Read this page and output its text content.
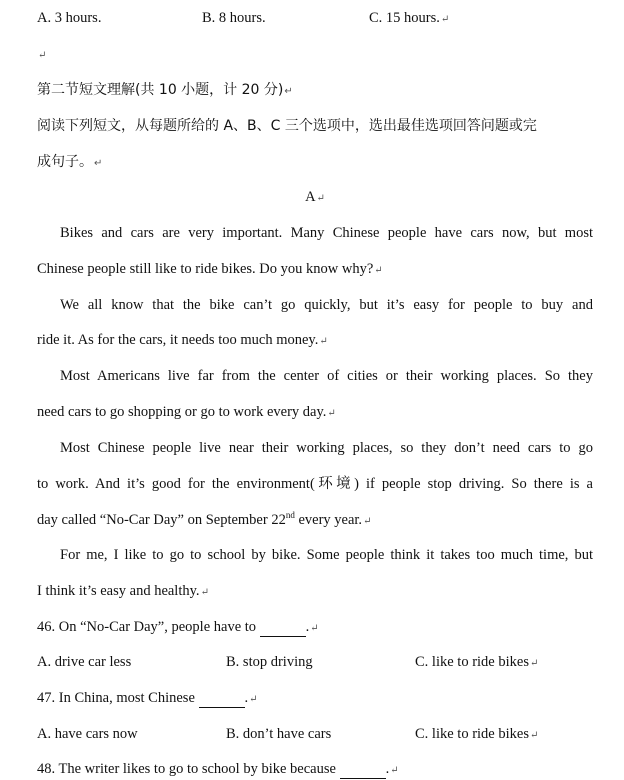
A. 3 hours.	B. 8 hours.	C. 15 hours.↵
↵
第二节短文理解(共 10 小题，计 20 分)↵
阅读下列短文，从每题所给的 A、B、C 三个选项中，选出最佳选项回答问题或完
成句子。↵
A↵
Bikes and cars are very important. Many Chinese people have cars now, but most
Chinese people still like to ride bikes. Do you know why?↵
We all know that the bike can’t go quickly, but it’s easy for people to buy and
ride it. As for the cars, it needs too much money.↵
Most Americans live far from the center of cities or their working places. So they
need cars to go shopping or go to work every day.↵
Most Chinese people live near their working places, so they don’t need cars to go
to work. And it’s good for the environment(环境) if people stop driving. So there is a
day called “No-Car Day” on September 22nd every year.↵
For me, I like to go to school by bike. Some people think it takes too much time, but
I think it’s easy and healthy.↵
46. On “No-Car Day”, people have to	.↵
A. drive car less	B. stop driving	C. like to ride bikes↵
47. In China, most Chinese	.↵
A. have cars now	B. don’t have cars	C. like to ride bikes↵
48. The writer likes to go to school by bike because	.↵
